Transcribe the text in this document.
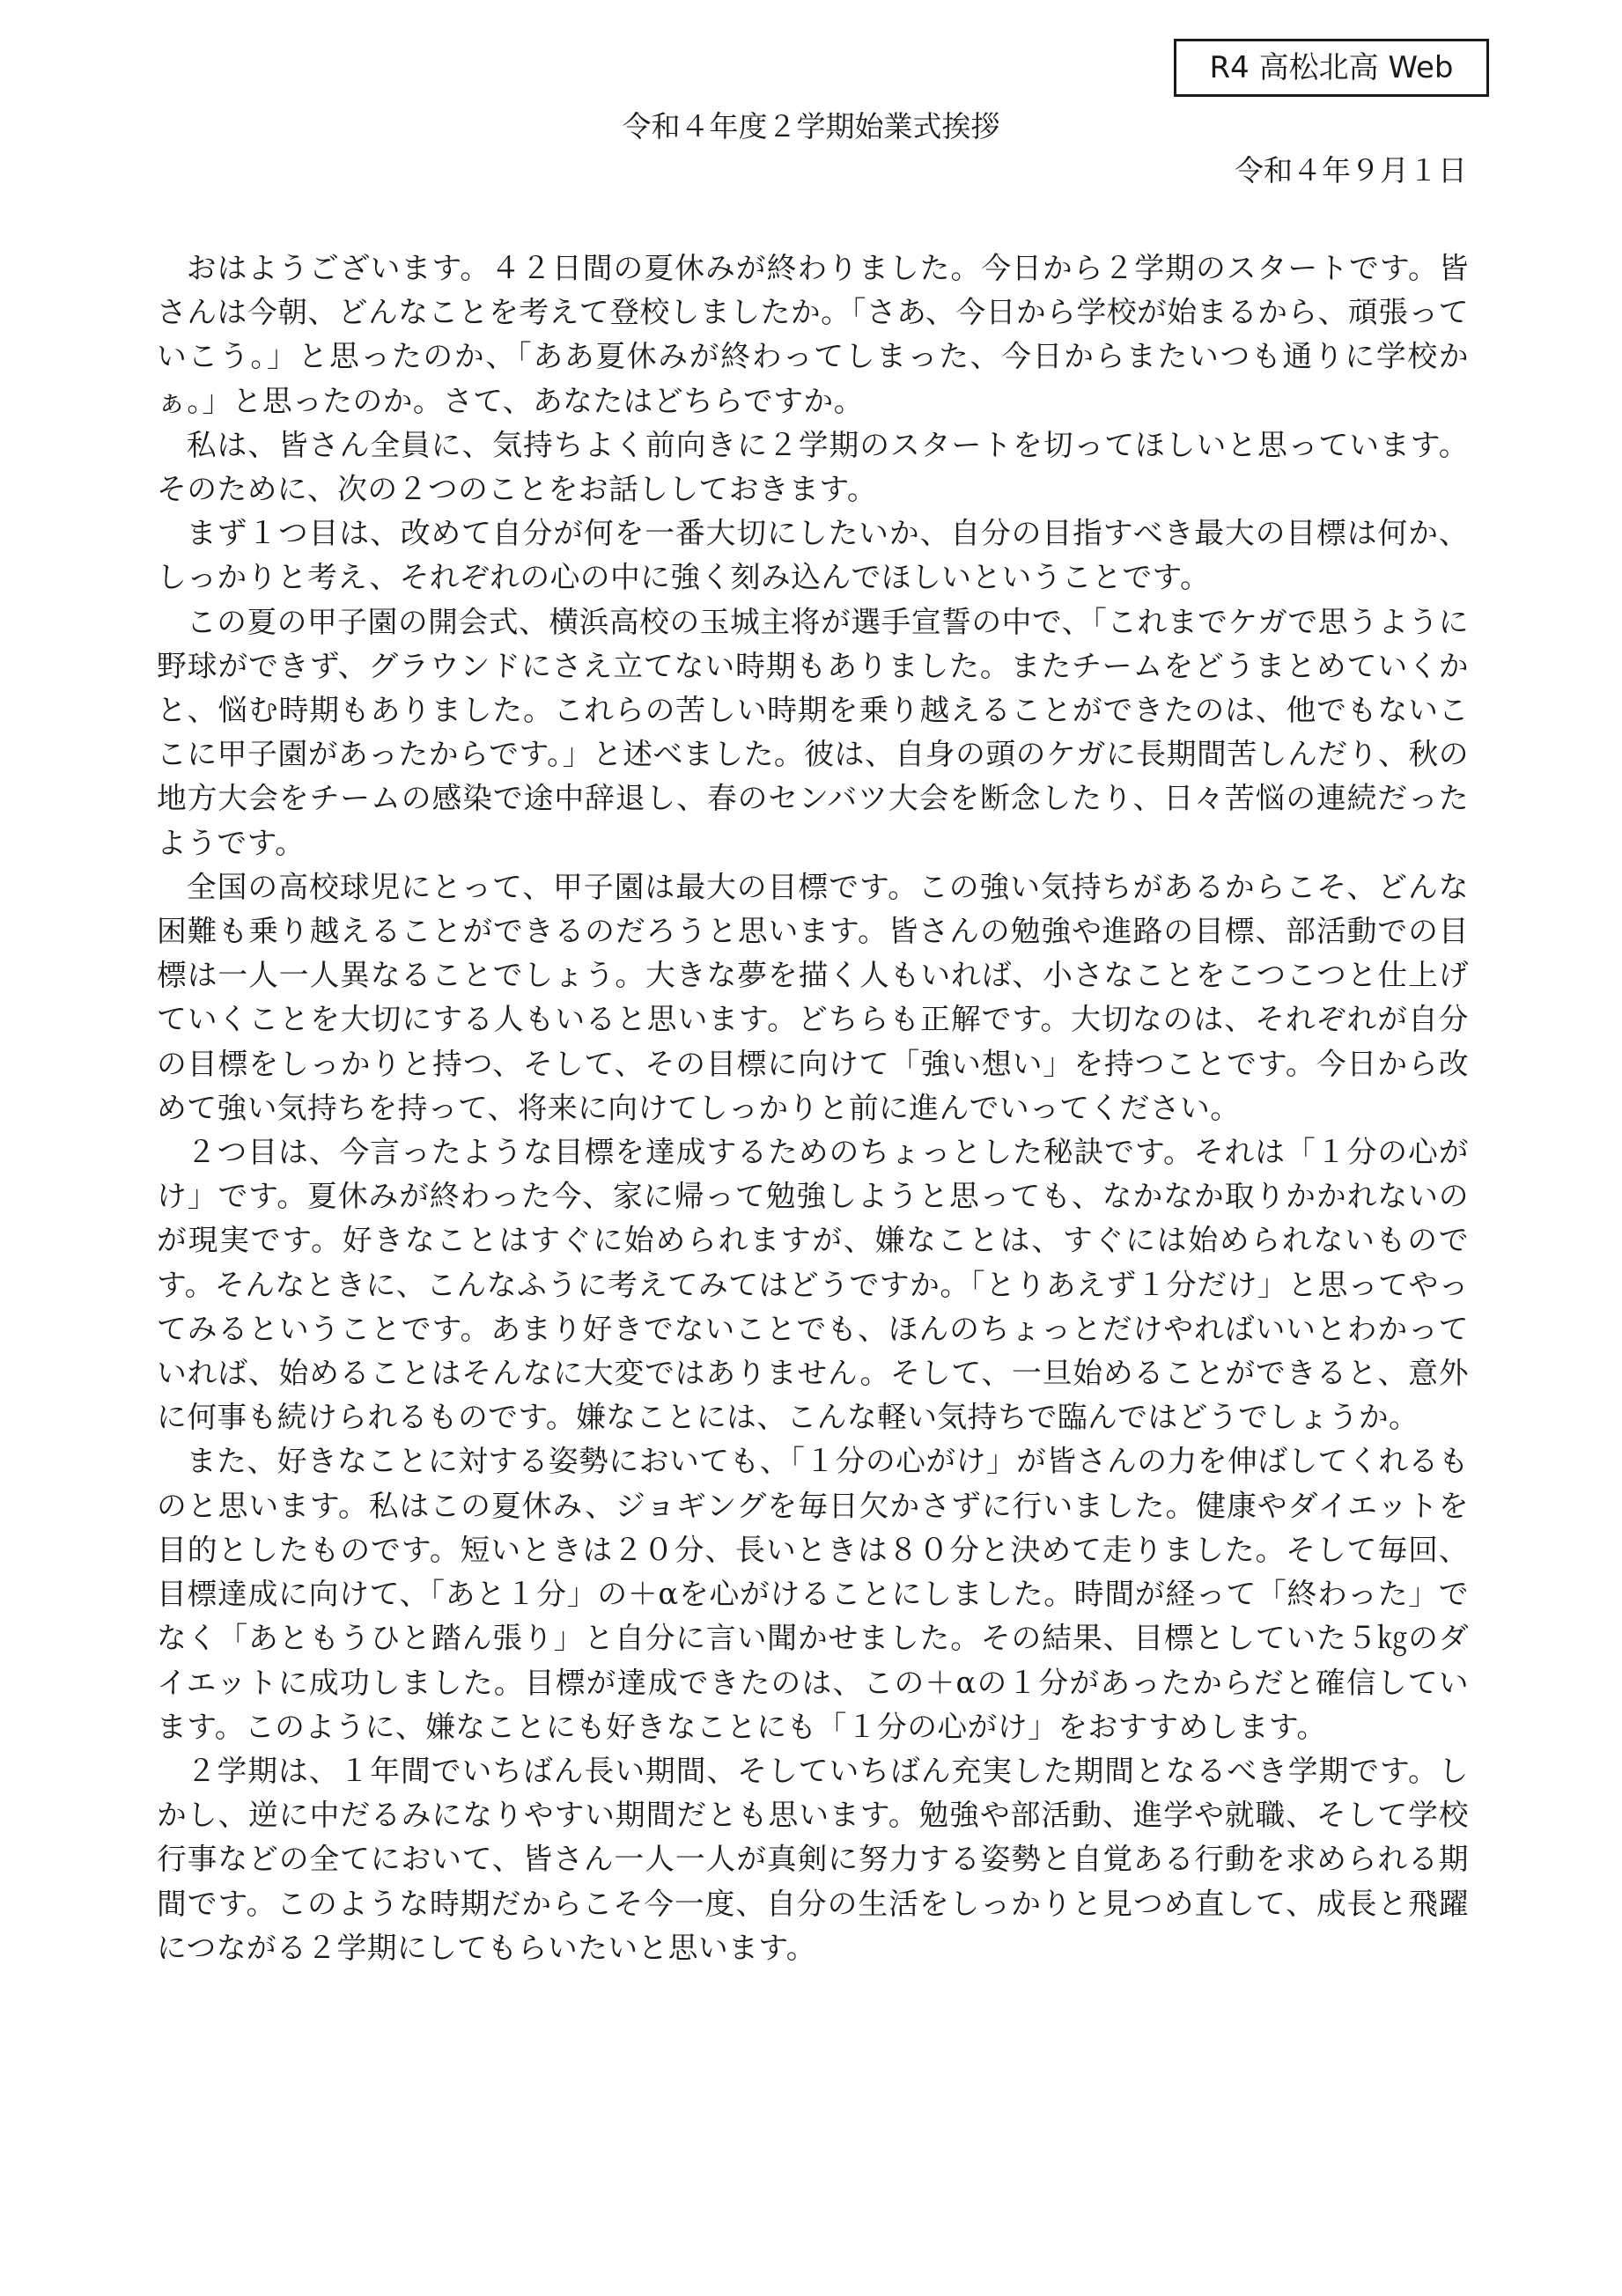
R4 高松北高 Web
令和４年度２学期始業式挨拶
令和４年９月１日

おはようございます。４２日間の夏休みが終わりました。今日から２学期のスタートです。皆さんは今朝、どんなことを考えて登校しましたか。「さあ、今日から学校が始まるから、頑張っていこう。」と思ったのか、「ああ夏休みが終わってしまった、今日からまたいつも通りに学校かぁ。」と思ったのか。さて、あなたはどちらですか。

私は、皆さん全員に、気持ちよく前向きに２学期のスタートを切ってほしいと思っています。そのために、次の２つのことをお話ししておきます。

まず１つ目は、改めて自分が何を一番大切にしたいか、自分の目指すべき最大の目標は何か、しっかりと考え、それぞれの心の中に強く刻み込んでほしいということです。

この夏の甲子園の開会式、横浜高校の玉城主将が選手宣誓の中で、「これまでケガで思うように野球ができず、グラウンドにさえ立てない時期もありました。またチームをどうまとめていくかと、悩む時期もありました。これらの苦しい時期を乗り越えることができたのは、他でもないここに甲子園があったからです。」と述べました。彼は、自身の頭のケガに長期間苦しんだり、秋の地方大会をチームの感染で途中辞退し、春のセンバツ大会を断念したり、日々苦悩の連続だったようです。

全国の高校球児にとって、甲子園は最大の目標です。この強い気持ちがあるからこそ、どんな困難も乗り越えることができるのだろうと思います。皆さんの勉強や進路の目標、部活動での目標は一人一人異なることでしょう。大きな夢を描く人もいれば、小さなことをこつこつと仕上げていくことを大切にする人もいると思います。どちらも正解です。大切なのは、それぞれが自分の目標をしっかりと持つ、そして、その目標に向けて「強い想い」を持つことです。今日から改めて強い気持ちを持って、将来に向けてしっかりと前に進んでいってください。

２つ目は、今言ったような目標を達成するためのちょっとした秘訣です。それは「１分の心がけ」です。夏休みが終わった今、家に帰って勉強しようと思っても、なかなか取りかかれないのが現実です。好きなことはすぐに始められますが、嫌なことは、すぐには始められないものです。そんなときに、こんなふうに考えてみてはどうですか。「とりあえず１分だけ」と思ってやってみるということです。あまり好きでないことでも、ほんのちょっとだけやればいいとわかっていれば、始めることはそんなに大変ではありません。そして、一旦始めることができると、意外に何事も続けられるものです。嫌なことには、こんな軽い気持ちで臨んではどうでしょうか。

また、好きなことに対する姿勢においても、「１分の心がけ」が皆さんの力を伸ばしてくれるものと思います。私はこの夏休み、ジョギングを毎日欠かさずに行いました。健康やダイエットを目的としたものです。短いときは２０分、長いときは８０分と決めて走りました。そして毎回、目標達成に向けて、「あと１分」の＋αを心がけることにしました。時間が経って「終わった」でなく「あともうひと踏ん張り」と自分に言い聞かせました。その結果、目標としていた５㎏のダイエットに成功しました。目標が達成できたのは、この＋αの１分があったからだと確信しています。このように、嫌なことにも好きなことにも「１分の心がけ」をおすすめします。

２学期は、１年間でいちばん長い期間、そしていちばん充実した期間となるべき学期です。しかし、逆に中だるみになりやすい期間だとも思います。勉強や部活動、進学や就職、そして学校行事などの全てにおいて、皆さん一人一人が真剣に努力する姿勢と自覚ある行動を求められる期間です。このような時期だからこそ今一度、自分の生活をしっかりと見つめ直して、成長と飛躍につながる２学期にしてもらいたいと思います。
